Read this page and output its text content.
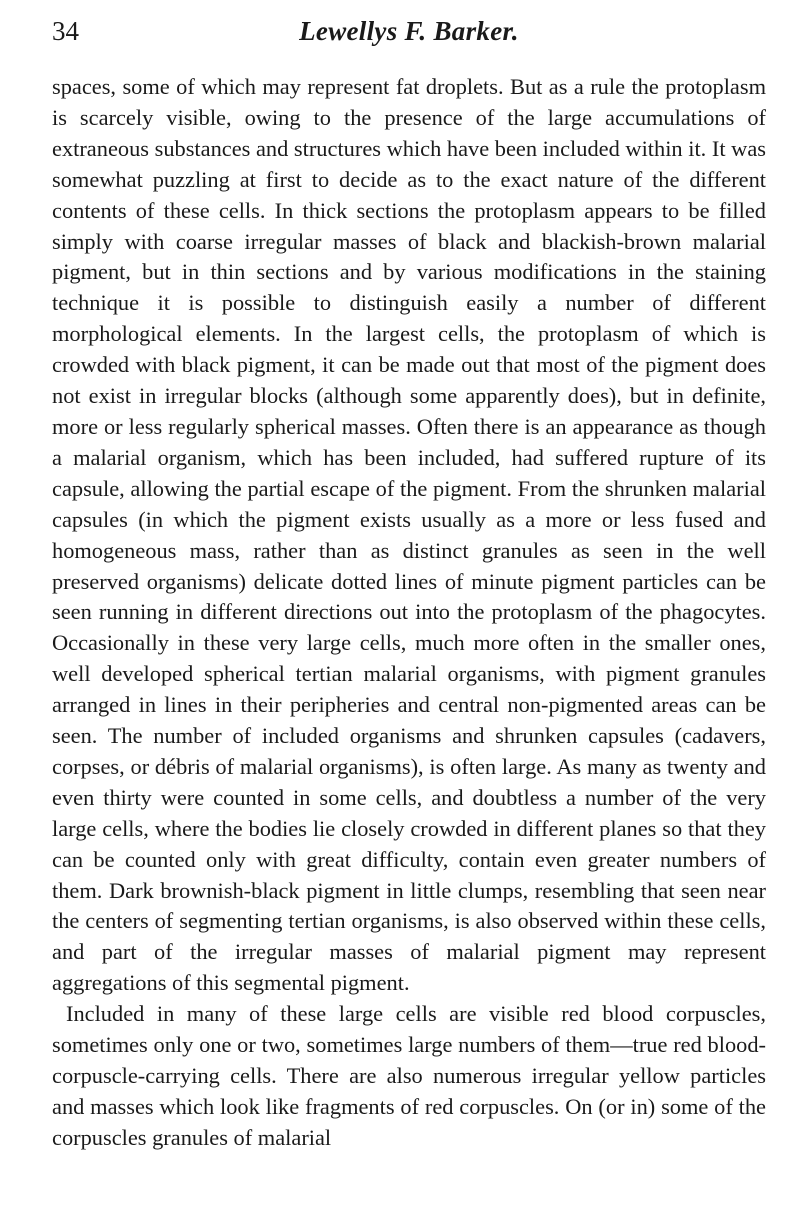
34	Lewellys F. Barker.

spaces, some of which may represent fat droplets. But as a rule the protoplasm is scarcely visible, owing to the presence of the large accumulations of extraneous substances and structures which have been included within it. It was somewhat puzzling at first to decide as to the exact nature of the different contents of these cells. In thick sections the protoplasm appears to be filled simply with coarse irregular masses of black and blackish-brown malarial pigment, but in thin sections and by various modifications in the staining technique it is possible to distinguish easily a number of different morphological elements. In the largest cells, the protoplasm of which is crowded with black pigment, it can be made out that most of the pigment does not exist in irregular blocks (although some apparently does), but in definite, more or less regularly spherical masses. Often there is an appearance as though a malarial organism, which has been included, had suffered rupture of its capsule, allowing the partial escape of the pigment. From the shrunken malarial capsules (in which the pigment exists usually as a more or less fused and homogeneous mass, rather than as distinct granules as seen in the well preserved organisms) delicate dotted lines of minute pigment particles can be seen running in different directions out into the protoplasm of the phagocytes. Occasionally in these very large cells, much more often in the smaller ones, well developed spherical tertian malarial organisms, with pigment granules arranged in lines in their peripheries and central non-pigmented areas can be seen. The number of included organisms and shrunken capsules (cadavers, corpses, or débris of malarial organisms), is often large. As many as twenty and even thirty were counted in some cells, and doubtless a number of the very large cells, where the bodies lie closely crowded in different planes so that they can be counted only with great difficulty, contain even greater numbers of them. Dark brownish-black pigment in little clumps, resembling that seen near the centers of segmenting tertian organisms, is also observed within these cells, and part of the irregular masses of malarial pigment may represent aggregations of this segmental pigment.

Included in many of these large cells are visible red blood corpuscles, sometimes only one or two, sometimes large numbers of them—true red blood-corpuscle-carrying cells. There are also numerous irregular yellow particles and masses which look like fragments of red corpuscles. On (or in) some of the corpuscles granules of malarial
